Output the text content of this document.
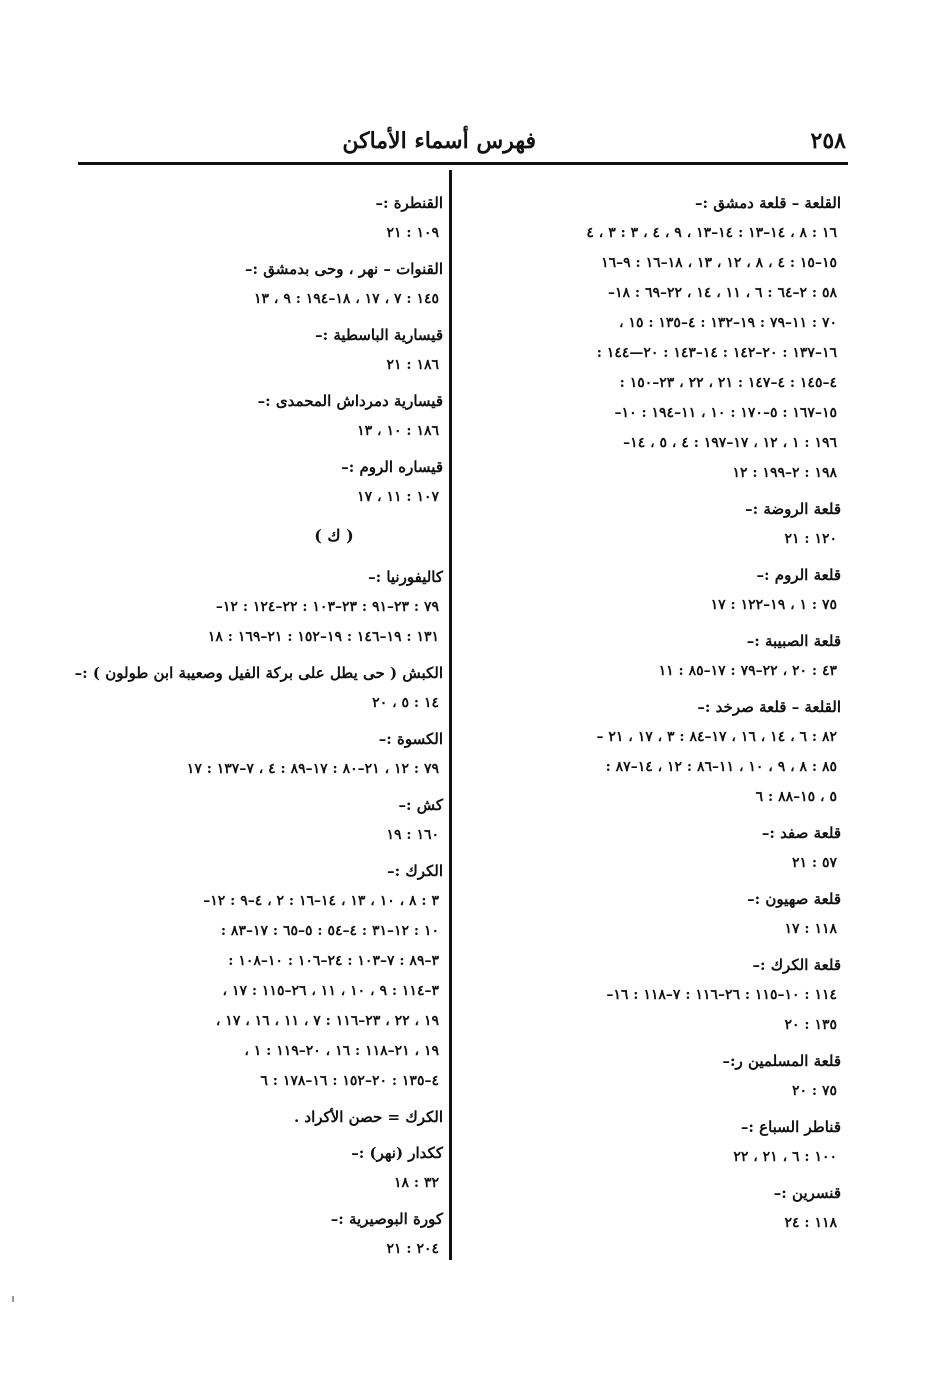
٢٥٨
فهرس أسماء الأماكن
القلعة – قلعة دمشق :–
١٦ : ٨ ، ١٤–١٣ : ١٤–١٣ ، ٩ ، ٤ ، ٣ : ٣ ، ٤
١٥–١٥ : ٤ ، ٨ ، ١٢ ، ١٣ ، ١٨–١٦ : ٩–١٦
٥٨ : ٢–٦٤ : ٦ ، ١١ ، ١٤ ، ٢٢–٦٩ : ١٨–
٧٠ : ١١–٧٩ : ١٩–١٣٢ : ٤–١٣٥ : ١٥ ،
١٦–١٣٧ : ٢٠–١٤٢ : ١٤–١٤٣ : ٢٠—١٤٤ :
٤–١٤٥ : ٤–١٤٧ : ٢١ ، ٢٢ ، ٢٣–١٥٠ :
١٥–١٦٧ : ٥–١٧٠ : ١٠ ، ١١–١٩٤ : ١٠–
١٩٦ : ١ ، ١٢ ، ١٧–١٩٧ : ٤ ، ٥ ، ١٤–
١٩٨ : ٢–١٩٩ : ١٢
قلعة الروضة :–
١٢٠ : ٢١
قلعة الروم :–
٧٥ : ١ ، ١٩–١٢٢ : ١٧
قلعة الصبيبة :–
٤٣ : ٢٠ ، ٢٢–٧٩ : ١٧–٨٥ : ١١
القلعة – قلعة صرخد :–
٨٢ : ٦ ، ١٤ ، ١٦ ، ١٧–٨٤ : ٣ ، ١٧ ، ٢١ –
٨٥ : ٨ ، ٩ ، ١٠ ، ١١–٨٦ : ١٢ ، ١٤–٨٧ :
٥ ، ١٥–٨٨ : ٦
قلعة صفد :–
٥٧ : ٢١
قلعة صهيون :–
١١٨ : ١٧
قلعة الكرك :–
١١٤ : ١٠–١١٥ : ٢٦–١١٦ : ٧–١١٨ : ١٦–
١٣٥ : ٢٠
قلعة المسلمين ر:–
٧٥ : ٢٠
قناطر السباع :–
١٠٠ : ٦ ، ٢١ ، ٢٢
قنسرين :–
١١٨ : ٢٤
القنطرة :–
١٠٩ : ٢١
القنوات – نهر ، وحى بدمشق :–
١٤٥ : ٧ ، ١٧ ، ١٨–١٩٤ : ٩ ، ١٣
قيسارية الباسطية :–
١٨٦ : ٢١
قيسارية دمرداش المحمدى :–
١٨٦ : ١٠ ، ١٣
قيساره الروم :–
١٠٧ : ١١ ، ١٧
( ك )
كاليفورنيا :–
٧٩ : ٢٣–٩١ : ٢٣–١٠٣ : ٢٢–١٢٤ : ١٢–
١٣١ : ١٩–١٤٦ : ١٩–١٥٢ : ٢١–١٦٩ : ١٨
الكبش ( حى يطل على بركة الفيل وصعيبة ابن طولون ) :–
١٤ : ٥ ، ٢٠
الكسوة :–
٧٩ : ١٢ ، ٢١–٨٠ : ١٧–٨٩ : ٤ ، ٧–١٣٧ : ١٧
كش :–
١٦٠ : ١٩
الكرك :–
٣ : ٨ ، ١٠ ، ١٣ ، ١٤–١٦ : ٢ ، ٤–٩ : ١٢–
١٠ : ١٢–٣١ : ٤–٥٤ : ٥–٦٥ : ١٧–٨٣ :
٣–٨٩ : ٧–١٠٣ : ٢٤–١٠٦ : ١٠–١٠٨ :
٣–١١٤ : ٩ ، ١٠ ، ١١ ، ٢٦–١١٥ : ١٧ ،
١٩ ، ٢٢ ، ٢٣–١١٦ : ٧ ، ١١ ، ١٦ ، ١٧ ،
١٩ ، ٢١–١١٨ : ١٦ ، ٢٠–١١٩ : ١ ،
٤–١٣٥ : ٢٠–١٥٢ : ١٦–١٧٨ : ٦
الكرك = حصن الأكراد .
ككدار (نهر) :–
٣٢ : ١٨
كورة البوصيرية :–
٢٠٤ : ٢١
